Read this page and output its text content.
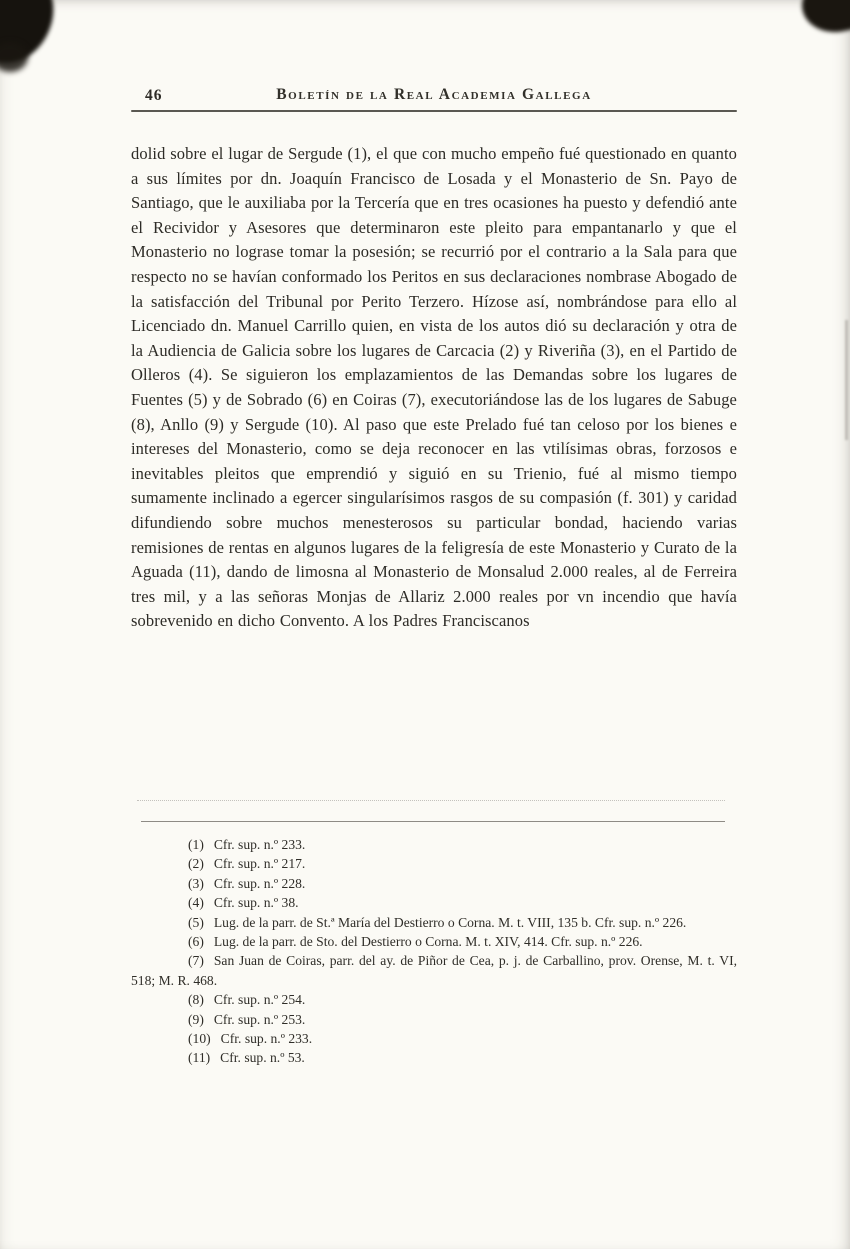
46	Boletín de la Real Academia Gallega

dolid sobre el lugar de Sergude (1), el que con mucho empeño fué questionado en quanto a sus límites por dn. Joaquín Francisco de Losada y el Monasterio de Sn. Payo de Santiago, que le auxiliaba por la Tercería que en tres ocasiones ha puesto y defendió ante el Recividor y Asesores que determinaron este pleito para empantanarlo y que el Monasterio no lograse tomar la posesión; se recurrió por el contrario a la Sala para que respecto no se havían conformado los Peritos en sus declaraciones nombrase Abogado de la satisfacción del Tribunal por Perito Terzero. Hízose así, nombrándose para ello al Licenciado dn. Manuel Carrillo quien, en vista de los autos dió su declaración y otra de la Audiencia de Galicia sobre los lugares de Carcacia (2) y Riveriña (3), en el Partido de Olleros (4). Se siguieron los emplazamientos de las Demandas sobre los lugares de Fuentes (5) y de Sobrado (6) en Coiras (7), executoriándose las de los lugares de Sabuge (8), Anllo (9) y Sergude (10). Al paso que este Prelado fué tan celoso por los bienes e intereses del Monasterio, como se deja reconocer en las vtilísimas obras, forzosos e inevitables pleitos que emprendió y siguió en su Trienio, fué al mismo tiempo sumamente inclinado a egercer singularísimos rasgos de su compasión (f. 301) y caridad difundiendo sobre muchos menesterosos su particular bondad, haciendo varias remisiones de rentas en algunos lugares de la feligresía de este Monasterio y Curato de la Aguada (11), dando de limosna al Monasterio de Monsalud 2.000 reales, al de Ferreira tres mil, y a las señoras Monjas de Allariz 2.000 reales por vn incendio que havía sobrevenido en dicho Convento. A los Padres Franciscanos

(1) Cfr. sup. n.º 233.
(2) Cfr. sup. n.º 217.
(3) Cfr. sup. n.º 228.
(4) Cfr. sup. n.º 38.
(5) Lug. de la parr. de St.ª María del Destierro o Corna. M. t. VIII, 135 b. Cfr. sup. n.º 226.
(6) Lug. de la parr. de Sto. del Destierro o Corna. M. t. XIV, 414. Cfr. sup. n.º 226.
(7) San Juan de Coiras, parr. del ay. de Piñor de Cea, p. j. de Carballino, prov. Orense, M. t. VI, 518; M. R. 468.
(8) Cfr. sup. n.º 254.
(9) Cfr. sup. n.º 253.
(10) Cfr. sup. n.º 233.
(11) Cfr. sup. n.º 53.
